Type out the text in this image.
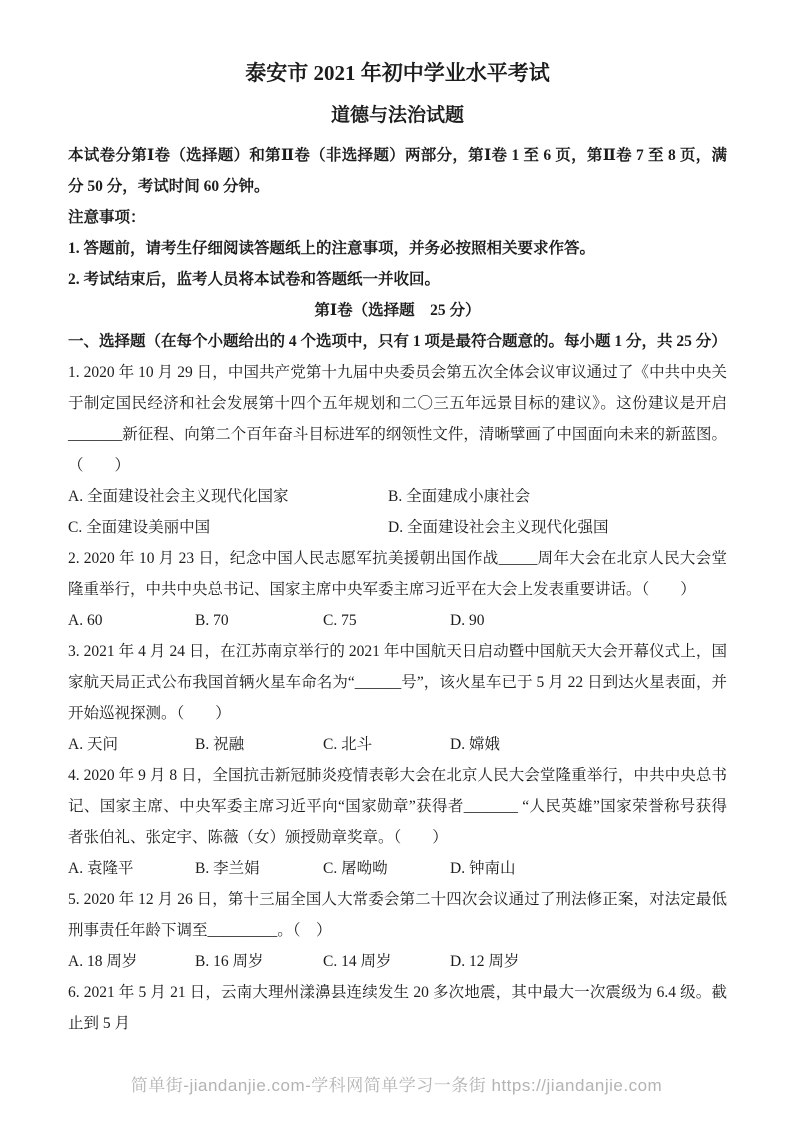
泰安市 2021 年初中学业水平考试
道德与法治试题

本试卷分第Ⅰ卷（选择题）和第Ⅱ卷（非选择题）两部分，第Ⅰ卷 1 至 6 页，第Ⅱ卷 7 至 8 页，满分 50 分，考试时间 60 分钟。

注意事项：

1. 答题前，请考生仔细阅读答题纸上的注意事项，并务必按照相关要求作答。

2. 考试结束后，监考人员将本试卷和答题纸一并收回。

第Ⅰ卷（选择题　25 分）

一、选择题（在每个小题给出的 4 个选项中，只有 1 项是最符合题意的。每小题 1 分，共 25 分）

1. 2020 年 10 月 29 日，中国共产党第十九届中央委员会第五次全体会议审议通过了《中共中央关于制定国民经济和社会发展第十四个五年规划和二〇三五年远景目标的建议》。这份建议是开启_______新征程、向第二个百年奋斗目标进军的纲领性文件，清晰擘画了中国面向未来的新蓝图。（　　）

A. 全面建设社会主义现代化国家	B. 全面建成小康社会
C. 全面建设美丽中国	D. 全面建设社会主义现代化强国

2. 2020 年 10 月 23 日，纪念中国人民志愿军抗美援朝出国作战_____周年大会在北京人民大会堂隆重举行，中共中央总书记、国家主席中央军委主席习近平在大会上发表重要讲话。（　　）

A. 60	B. 70	C. 75	D. 90

3. 2021 年 4 月 24 日，在江苏南京举行的 2021 年中国航天日启动暨中国航天大会开幕仪式上，国家航天局正式公布我国首辆火星车命名为“______号”，该火星车已于 5 月 22 日到达火星表面，并开始巡视探测。（　　）

A. 天问	B. 祝融	C. 北斗	D. 嫦娥

4. 2020 年 9 月 8 日，全国抗击新冠肺炎疫情表彰大会在北京人民大会堂隆重举行，中共中央总书记、国家主席、中央军委主席习近平向“国家勋章”获得者_______ “人民英雄”国家荣誉称号获得者张伯礼、张定宇、陈薇（女）颁授勋章奖章。（　　）

A. 袁隆平	B. 李兰娟	C. 屠呦呦	D. 钟南山

5. 2020 年 12 月 26 日，第十三届全国人大常委会第二十四次会议通过了刑法修正案，对法定最低刑事责任年龄下调至_________。（　）

A. 18 周岁	B. 16 周岁	C. 14 周岁	D. 12 周岁

6. 2021 年 5 月 21 日，云南大理州漾濞县连续发生 20 多次地震，其中最大一次震级为 6.4 级。截止到 5 月

简单街-jiandanjie.com-学科网简单学习一条街 https://jiandanjie.com
